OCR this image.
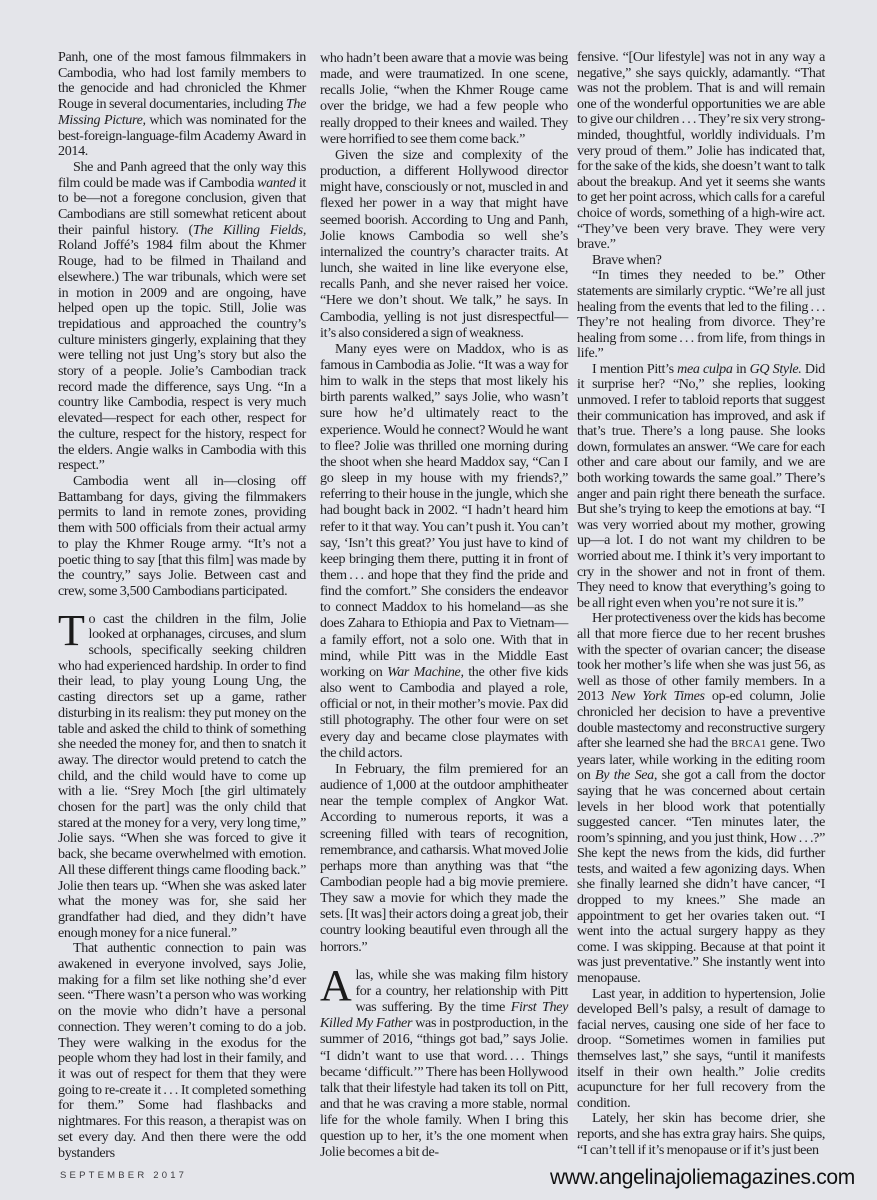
Panh, one of the most famous filmmakers in Cambodia, who had lost family members to the genocide and had chronicled the Khmer Rouge in several documentaries, including The Missing Picture, which was nominated for the best-foreign-language-film Academy Award in 2014.

She and Panh agreed that the only way this film could be made was if Cambodia wanted it to be—not a foregone conclusion, given that Cambodians are still somewhat reticent about their painful history. (The Killing Fields, Roland Joffé’s 1984 film about the Khmer Rouge, had to be filmed in Thailand and elsewhere.) The war tribunals, which were set in motion in 2009 and are ongoing, have helped open up the topic. Still, Jolie was trepidatious and approached the country’s culture ministers gingerly, explaining that they were telling not just Ung’s story but also the story of a people. Jolie’s Cambodian track record made the difference, says Ung. “In a country like Cambodia, respect is very much elevated—respect for each other, respect for the culture, respect for the history, respect for the elders. Angie walks in Cambodia with this respect.”

Cambodia went all in—closing off Battambang for days, giving the filmmakers permits to land in remote zones, providing them with 500 officials from their actual army to play the Khmer Rouge army. “It’s not a poetic thing to say [that this film] was made by the country,” says Jolie. Between cast and crew, some 3,500 Cambodians participated.

To cast the children in the film, Jolie looked at orphanages, circuses, and slum schools, specifically seeking children who had experienced hardship. In order to find their lead, to play young Loung Ung, the casting directors set up a game, rather disturbing in its realism: they put money on the table and asked the child to think of something she needed the money for, and then to snatch it away. The director would pretend to catch the child, and the child would have to come up with a lie. “Srey Moch [the girl ultimately chosen for the part] was the only child that stared at the money for a very, very long time,” Jolie says. “When she was forced to give it back, she became overwhelmed with emotion. All these different things came flooding back.” Jolie then tears up. “When she was asked later what the money was for, she said her grandfather had died, and they didn’t have enough money for a nice funeral.”

That authentic connection to pain was awakened in everyone involved, says Jolie, making for a film set like nothing she’d ever seen. “There wasn’t a person who was working on the movie who didn’t have a personal connection. They weren’t coming to do a job. They were walking in the exodus for the people whom they had lost in their family, and it was out of respect for them that they were going to re-create it . . . It completed something for them.” Some had flashbacks and nightmares. For this reason, a therapist was on set every day. And then there were the odd bystanders

who hadn’t been aware that a movie was being made, and were traumatized. In one scene, recalls Jolie, “when the Khmer Rouge came over the bridge, we had a few people who really dropped to their knees and wailed. They were horrified to see them come back.”

Given the size and complexity of the production, a different Hollywood director might have, consciously or not, muscled in and flexed her power in a way that might have seemed boorish. According to Ung and Panh, Jolie knows Cambodia so well she’s internalized the country’s character traits. At lunch, she waited in line like everyone else, recalls Panh, and she never raised her voice. “Here we don’t shout. We talk,” he says. In Cambodia, yelling is not just disrespectful—it’s also considered a sign of weakness.

Many eyes were on Maddox, who is as famous in Cambodia as Jolie. “It was a way for him to walk in the steps that most likely his birth parents walked,” says Jolie, who wasn’t sure how he’d ultimately react to the experience. Would he connect? Would he want to flee? Jolie was thrilled one morning during the shoot when she heard Maddox say, “Can I go sleep in my house with my friends?,” referring to their house in the jungle, which she had bought back in 2002. “I hadn’t heard him refer to it that way. You can’t push it. You can’t say, ‘Isn’t this great?’ You just have to kind of keep bringing them there, putting it in front of them . . . and hope that they find the pride and find the comfort.” She considers the endeavor to connect Maddox to his homeland—as she does Zahara to Ethiopia and Pax to Vietnam—a family effort, not a solo one. With that in mind, while Pitt was in the Middle East working on War Machine, the other five kids also went to Cambodia and played a role, official or not, in their mother’s movie. Pax did still photography. The other four were on set every day and became close playmates with the child actors.

In February, the film premiered for an audience of 1,000 at the outdoor amphitheater near the temple complex of Angkor Wat. According to numerous reports, it was a screening filled with tears of recognition, remembrance, and catharsis. What moved Jolie perhaps more than anything was that “the Cambodian people had a big movie premiere. They saw a movie for which they made the sets. [It was] their actors doing a great job, their country looking beautiful even through all the horrors.”

Alas, while she was making film history for a country, her relationship with Pitt was suffering. By the time First They Killed My Father was in postproduction, in the summer of 2016, “things got bad,” says Jolie. “I didn’t want to use that word. . . . Things became ‘difficult.’” There has been Hollywood talk that their lifestyle had taken its toll on Pitt, and that he was craving a more stable, normal life for the whole family. When I bring this question up to her, it’s the one moment when Jolie becomes a bit de-

fensive. “[Our lifestyle] was not in any way a negative,” she says quickly, adamantly. “That was not the problem. That is and will remain one of the wonderful opportunities we are able to give our children . . . They’re six very strong-minded, thoughtful, worldly individuals. I’m very proud of them.” Jolie has indicated that, for the sake of the kids, she doesn’t want to talk about the breakup. And yet it seems she wants to get her point across, which calls for a careful choice of words, something of a high-wire act. “They’ve been very brave. They were very brave.”

Brave when?

“In times they needed to be.” Other statements are similarly cryptic. “We’re all just healing from the events that led to the filing . . . They’re not healing from divorce. They’re healing from some . . . from life, from things in life.”

I mention Pitt’s mea culpa in GQ Style. Did it surprise her? “No,” she replies, looking unmoved. I refer to tabloid reports that suggest their communication has improved, and ask if that’s true. There’s a long pause. She looks down, formulates an answer. “We care for each other and care about our family, and we are both working towards the same goal.” There’s anger and pain right there beneath the surface. But she’s trying to keep the emotions at bay. “I was very worried about my mother, growing up—a lot. I do not want my children to be worried about me. I think it’s very important to cry in the shower and not in front of them. They need to know that everything’s going to be all right even when you’re not sure it is.”

Her protectiveness over the kids has become all that more fierce due to her recent brushes with the specter of ovarian cancer; the disease took her mother’s life when she was just 56, as well as those of other family members. In a 2013 New York Times op-ed column, Jolie chronicled her decision to have a preventive double mastectomy and reconstructive surgery after she learned she had the BRCA1 gene. Two years later, while working in the editing room on By the Sea, she got a call from the doctor saying that he was concerned about certain levels in her blood work that potentially suggested cancer. “Ten minutes later, the room’s spinning, and you just think, How . . .?” She kept the news from the kids, did further tests, and waited a few agonizing days. When she finally learned she didn’t have cancer, “I dropped to my knees.” She made an appointment to get her ovaries taken out. “I went into the actual surgery happy as they come. I was skipping. Because at that point it was just preventative.” She instantly went into menopause.

Last year, in addition to hypertension, Jolie developed Bell’s palsy, a result of damage to facial nerves, causing one side of her face to droop. “Sometimes women in families put themselves last,” she says, “until it manifests itself in their own health.” Jolie credits acupuncture for her full recovery from the condition.

Lately, her skin has become drier, she reports, and she has extra gray hairs. She quips, “I can’t tell if it’s menopause or if it’s just been

SEPTEMBER 2017	www.angelinajoliemagazines.com
